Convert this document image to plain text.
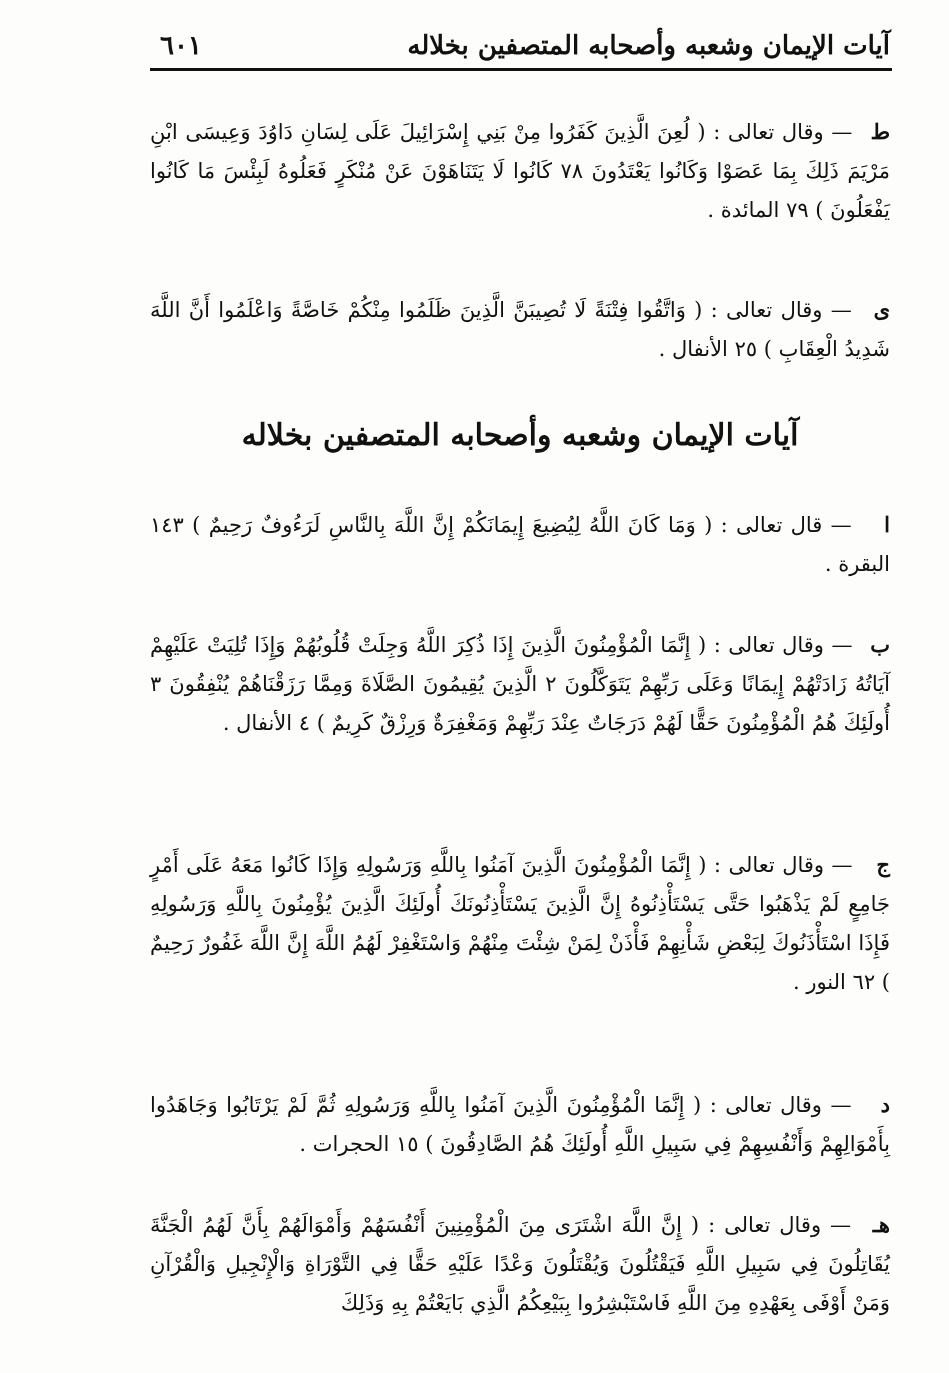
آيات الإيمان وشعبه وأصحابه المتصفين بخلاله
٦٠١
ط — وقال تعالى : ( لُعِنَ الَّذِينَ كَفَرُوا مِنْ بَنِي إِسْرَائِيلَ عَلَى لِسَانِ دَاوُدَ وَعِيسَى ابْنِ مَرْيَمَ ذَلِكَ بِمَا عَصَوْا وَكَانُوا يَعْتَدُونَ ٧٨ كَانُوا لَا يَتَنَاهَوْنَ عَنْ مُنْكَرٍ فَعَلُوهُ لَبِئْسَ مَا كَانُوا يَفْعَلُونَ ) ٧٩ المائدة .
ى — وقال تعالى : ( وَاتَّقُوا فِتْنَةً لَا تُصِيبَنَّ الَّذِينَ ظَلَمُوا مِنْكُمْ خَاصَّةً وَاعْلَمُوا أَنَّ اللَّهَ شَدِيدُ الْعِقَابِ ) ٢٥ الأنفال .
آيات الإيمان وشعبه وأصحابه المتصفين بخلاله
ا — قال تعالى : ( وَمَا كَانَ اللَّهُ لِيُضِيعَ إِيمَانَكُمْ إِنَّ اللَّهَ بِالنَّاسِ لَرَءُوفٌ رَحِيمٌ ) ١٤٣ البقرة .
ب — وقال تعالى : ( إِنَّمَا الْمُؤْمِنُونَ الَّذِينَ إِذَا ذُكِرَ اللَّهُ وَجِلَتْ قُلُوبُهُمْ وَإِذَا تُلِيَتْ عَلَيْهِمْ آيَاتُهُ زَادَتْهُمْ إِيمَانًا وَعَلَى رَبِّهِمْ يَتَوَكَّلُونَ ٢ الَّذِينَ يُقِيمُونَ الصَّلَاةَ وَمِمَّا رَزَقْنَاهُمْ يُنْفِقُونَ ٣ أُولَئِكَ هُمُ الْمُؤْمِنُونَ حَقًّا لَهُمْ دَرَجَاتٌ عِنْدَ رَبِّهِمْ وَمَغْفِرَةٌ وَرِزْقٌ كَرِيمٌ ) ٤ الأنفال .
ج — وقال تعالى : ( إِنَّمَا الْمُؤْمِنُونَ الَّذِينَ آمَنُوا بِاللَّهِ وَرَسُولِهِ وَإِذَا كَانُوا مَعَهُ عَلَى أَمْرٍ جَامِعٍ لَمْ يَذْهَبُوا حَتَّى يَسْتَأْذِنُوهُ إِنَّ الَّذِينَ يَسْتَأْذِنُونَكَ أُولَئِكَ الَّذِينَ يُؤْمِنُونَ بِاللَّهِ وَرَسُولِهِ فَإِذَا اسْتَأْذَنُوكَ لِبَعْضِ شَأْنِهِمْ فَأْذَنْ لِمَنْ شِئْتَ مِنْهُمْ وَاسْتَغْفِرْ لَهُمُ اللَّهَ إِنَّ اللَّهَ غَفُورٌ رَحِيمٌ ) ٦٢ النور .
د — وقال تعالى : ( إِنَّمَا الْمُؤْمِنُونَ الَّذِينَ آمَنُوا بِاللَّهِ وَرَسُولِهِ ثُمَّ لَمْ يَرْتَابُوا وَجَاهَدُوا بِأَمْوَالِهِمْ وَأَنْفُسِهِمْ فِي سَبِيلِ اللَّهِ أُولَئِكَ هُمُ الصَّادِقُونَ ) ١٥ الحجرات .
هـ — وقال تعالى : ( إِنَّ اللَّهَ اشْتَرَى مِنَ الْمُؤْمِنِينَ أَنْفُسَهُمْ وَأَمْوَالَهُمْ بِأَنَّ لَهُمُ الْجَنَّةَ يُقَاتِلُونَ فِي سَبِيلِ اللَّهِ فَيَقْتُلُونَ وَيُقْتَلُونَ وَعْدًا عَلَيْهِ حَقًّا فِي التَّوْرَاةِ وَالْإِنْجِيلِ وَالْقُرْآنِ وَمَنْ أَوْفَى بِعَهْدِهِ مِنَ اللَّهِ فَاسْتَبْشِرُوا بِبَيْعِكُمُ الَّذِي بَايَعْتُمْ بِهِ وَذَلِكَ
